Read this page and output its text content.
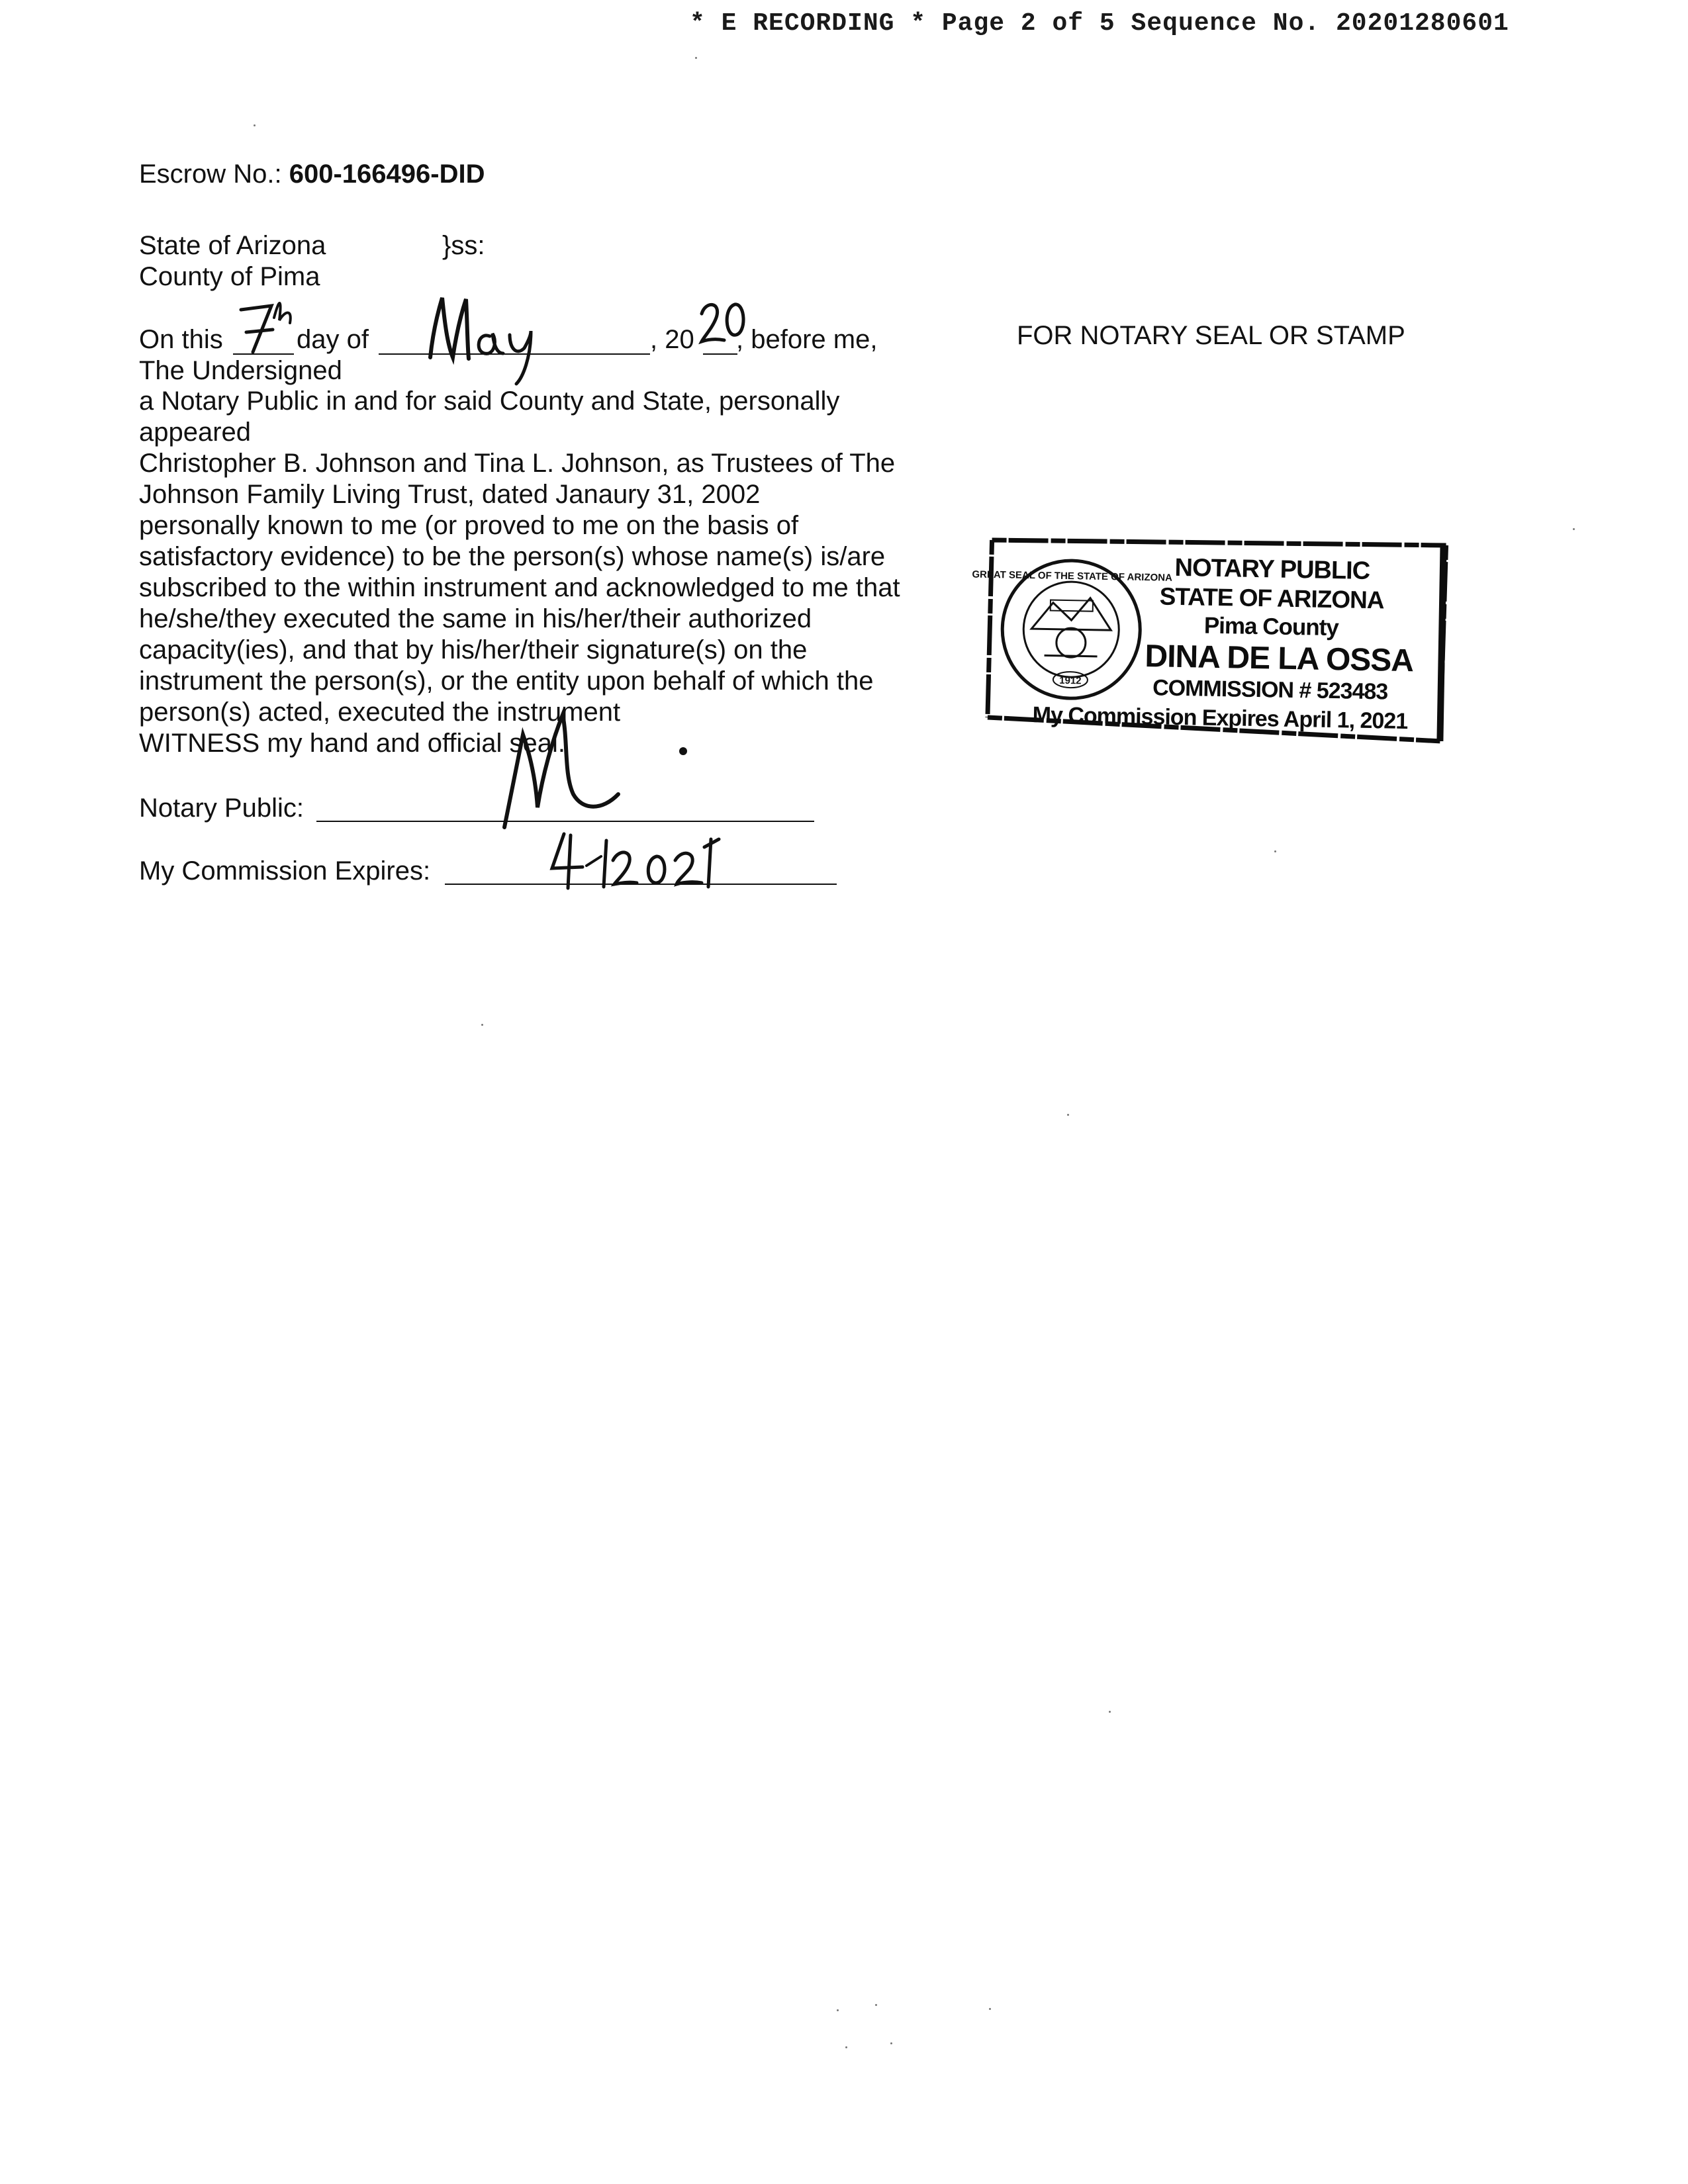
* E RECORDING * Page 2 of 5 Sequence No. 20201280601
Escrow No.: 600-166496-DID
State of Arizona	}ss:
County of Pima
On this	day of	, 20 , before me,
The Undersigned
a Notary Public in and for said County and State, personally
appeared
Christopher B. Johnson and Tina L. Johnson, as Trustees of The
Johnson Family Living Trust, dated Janaury 31, 2002
personally known to me (or proved to me on the basis of
satisfactory evidence) to be the person(s) whose name(s) is/are
subscribed to the within instrument and acknowledged to me that
he/she/they executed the same in his/her/their authorized
capacity(ies), and that by his/her/their signature(s) on the
instrument the person(s), or the entity upon behalf of which the
person(s) acted, executed the instrument
WITNESS my hand and official seal.
Notary Public:
My Commission Expires:
FOR NOTARY SEAL OR STAMP
1912
GREAT SEAL OF THE STATE OF ARIZONA NOTARY PUBLIC
STATE OF ARIZONA
Pima County
DINA DE LA OSSA
COMMISSION # 523483
My Commission Expires April 1, 2021
